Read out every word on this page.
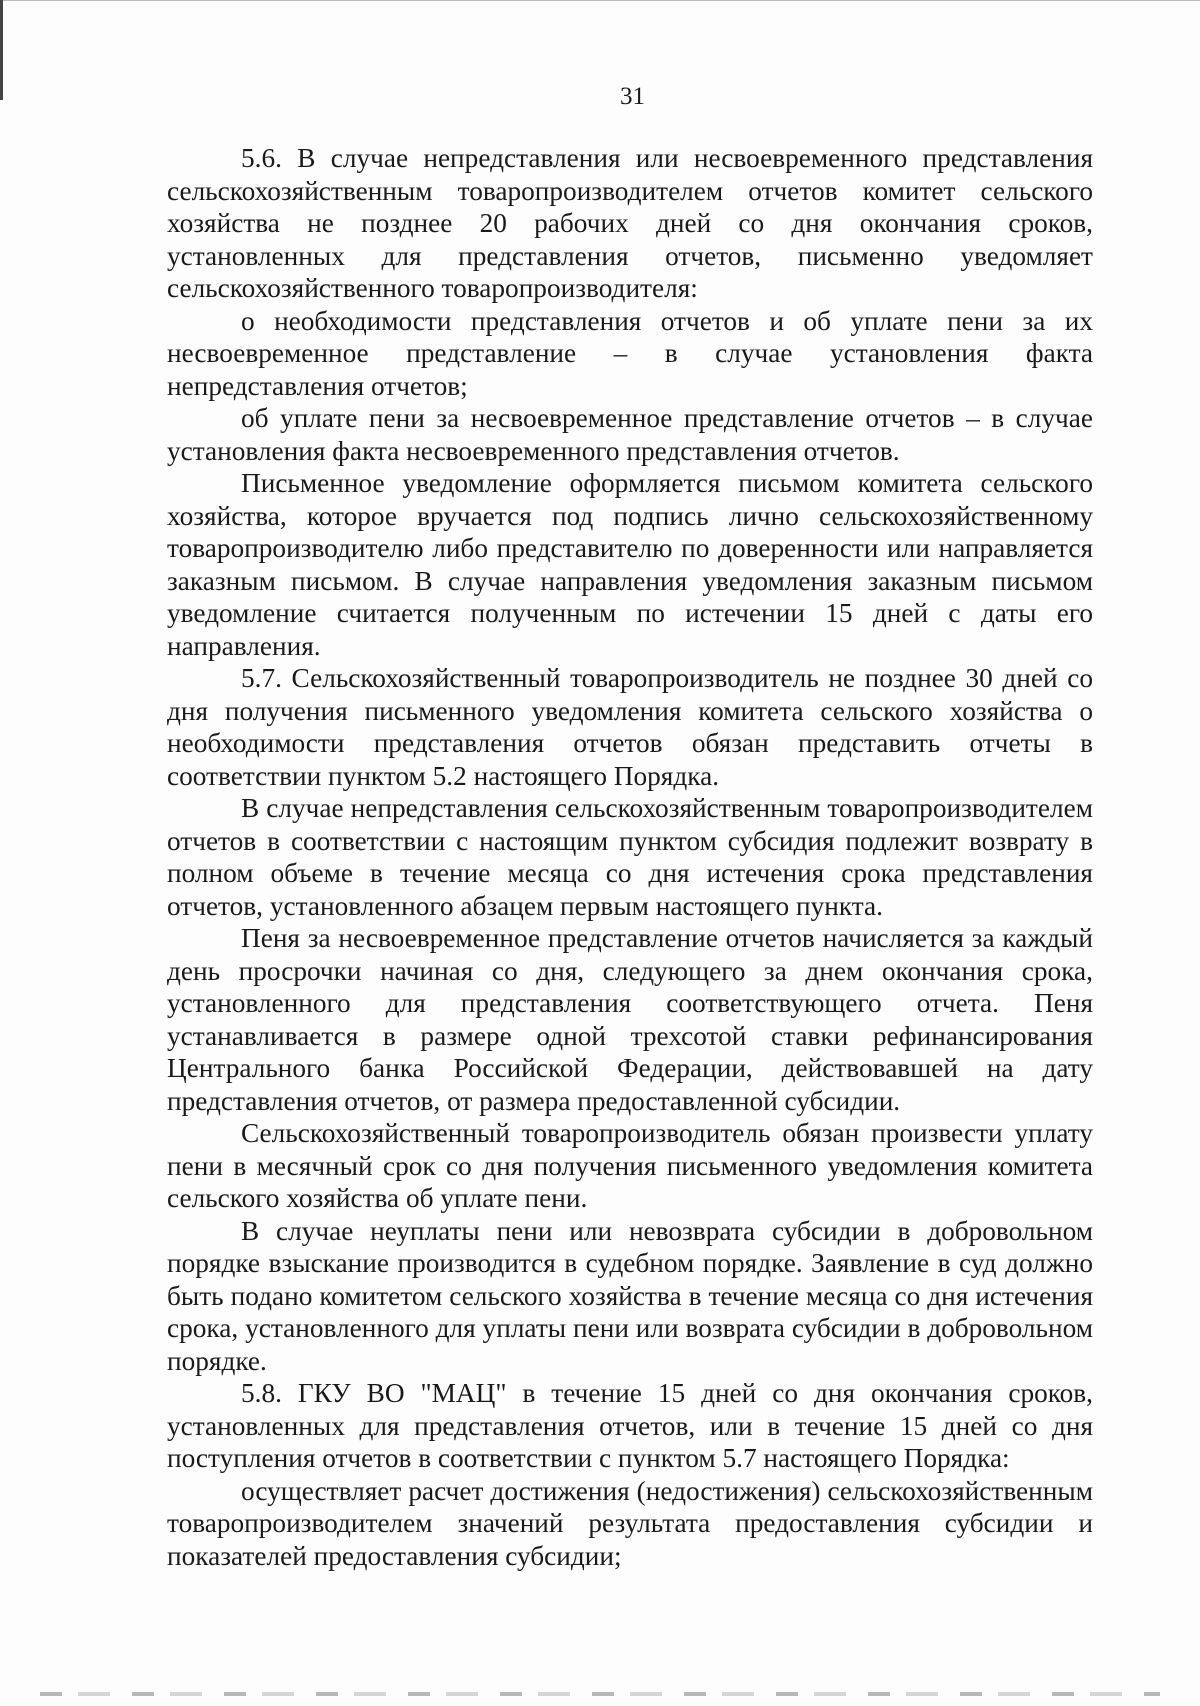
31

5.6. В случае непредставления или несвоевременного представления сельскохозяйственным товаропроизводителем отчетов комитет сельского хозяйства не позднее 20 рабочих дней со дня окончания сроков, установленных для представления отчетов, письменно уведомляет сельскохозяйственного товаропроизводителя:

о необходимости представления отчетов и об уплате пени за их несвоевременное представление – в случае установления факта непредставления отчетов;

об уплате пени за несвоевременное представление отчетов – в случае установления факта несвоевременного представления отчетов.

Письменное уведомление оформляется письмом комитета сельского хозяйства, которое вручается под подпись лично сельскохозяйственному товаропроизводителю либо представителю по доверенности или направляется заказным письмом. В случае направления уведомления заказным письмом уведомление считается полученным по истечении 15 дней с даты его направления.

5.7. Сельскохозяйственный товаропроизводитель не позднее 30 дней со дня получения письменного уведомления комитета сельского хозяйства о необходимости представления отчетов обязан представить отчеты в соответствии пунктом 5.2 настоящего Порядка.

В случае непредставления сельскохозяйственным товаропроизводителем отчетов в соответствии с настоящим пунктом субсидия подлежит возврату в полном объеме в течение месяца со дня истечения срока представления отчетов, установленного абзацем первым настоящего пункта.

Пеня за несвоевременное представление отчетов начисляется за каждый день просрочки начиная со дня, следующего за днем окончания срока, установленного для представления соответствующего отчета. Пеня устанавливается в размере одной трехсотой ставки рефинансирования Центрального банка Российской Федерации, действовавшей на дату представления отчетов, от размера предоставленной субсидии.

Сельскохозяйственный товаропроизводитель обязан произвести уплату пени в месячный срок со дня получения письменного уведомления комитета сельского хозяйства об уплате пени.

В случае неуплаты пени или невозврата субсидии в добровольном порядке взыскание производится в судебном порядке. Заявление в суд должно быть подано комитетом сельского хозяйства в течение месяца со дня истечения срока, установленного для уплаты пени или возврата субсидии в добровольном порядке.

5.8. ГКУ ВО "МАЦ" в течение 15 дней со дня окончания сроков, установленных для представления отчетов, или в течение 15 дней со дня поступления отчетов в соответствии с пунктом 5.7 настоящего Порядка:

осуществляет расчет достижения (недостижения) сельскохозяйственным товаропроизводителем значений результата предоставления субсидии и показателей предоставления субсидии;
